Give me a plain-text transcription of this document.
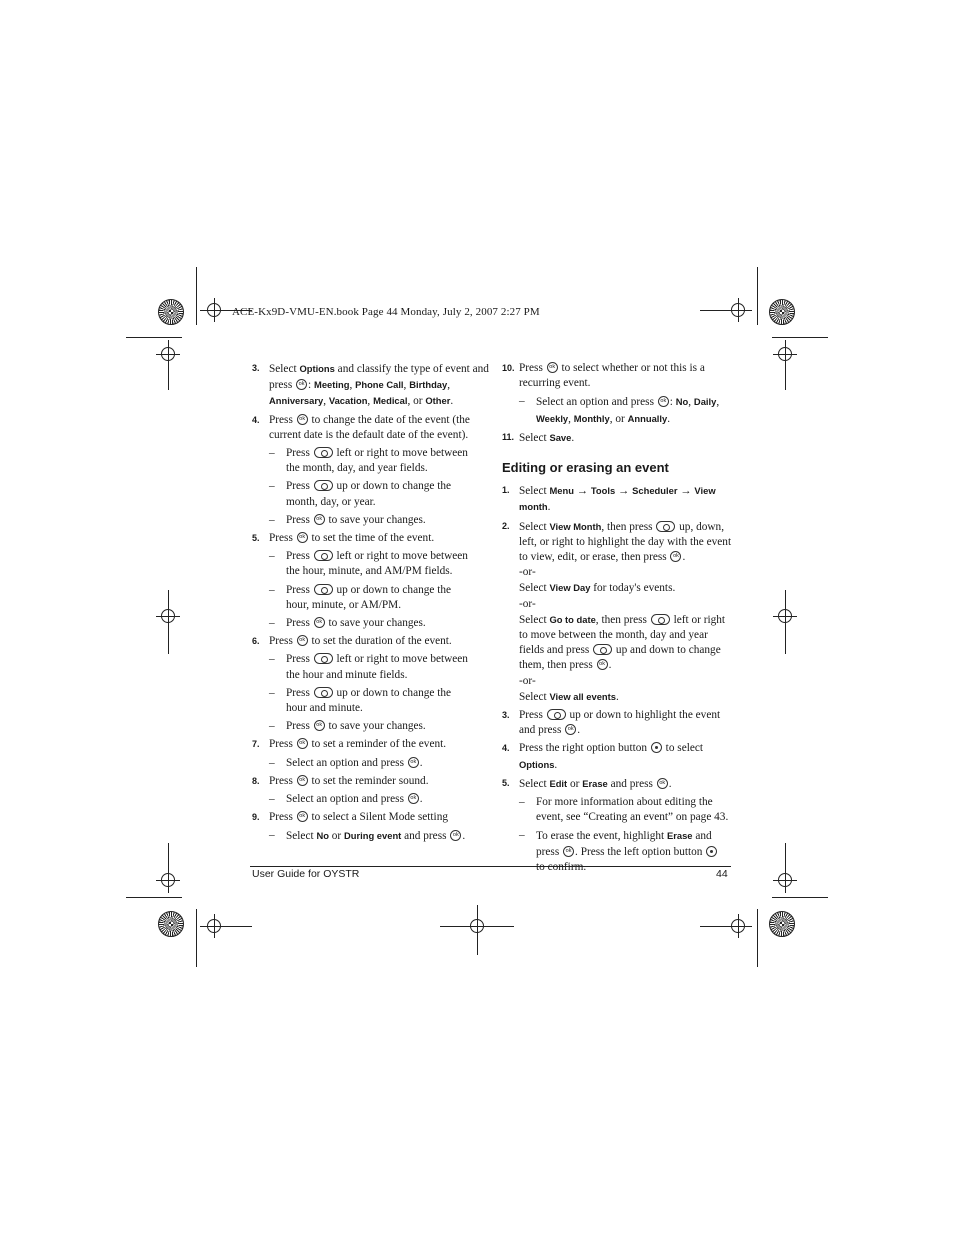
ACE-Kx9D-VMU-EN.book Page 44 Monday, July 2, 2007 2:27 PM
3. Select Options and classify the type of event and
press ok: Meeting, Phone Call, Birthday,
Anniversary, Vacation, Medical, or Other.
4. Press ok to change the date of the event (the
current date is the default date of the event).
– Press  left or right to move between
the month, day, and year fields.
– Press  up or down to change the
month, day, or year.
– Press ok to save your changes.
5. Press ok to set the time of the event.
– Press  left or right to move between
the hour, minute, and AM/PM fields.
– Press  up or down to change the
hour, minute, or AM/PM.
– Press ok to save your changes.
6. Press ok to set the duration of the event.
– Press  left or right to move between
the hour and minute fields.
– Press  up or down to change the
hour and minute.
– Press ok to save your changes.
7. Press ok to set a reminder of the event.
– Select an option and press ok.
8. Press ok to set the reminder sound.
– Select an option and press ok.
9. Press ok to select a Silent Mode setting
– Select No or During event and press ok.
10. Press ok to select whether or not this is a
recurring event.
– Select an option and press ok: No, Daily,
Weekly, Monthly, or Annually.
11. Select Save.
Editing or erasing an event
1. Select Menu → Tools → Scheduler → View
month.
2. Select View Month, then press  up, down,
left, or right to highlight the day with the event
to view, edit, or erase, then press ok.
-or-
Select View Day for today's events.
-or-
Select Go to date, then press  left or right
to move between the month, day and year
fields and press  up and down to change
them, then press ok.
-or-
Select View all events.
3. Press  up or down to highlight the event
and press ok.
4. Press the right option button  to select
Options.
5. Select Edit or Erase and press ok.
– For more information about editing the
event, see “Creating an event” on page 43.
– To erase the event, highlight Erase and
press ok. Press the left option button
User Guide for OYSTR	44
